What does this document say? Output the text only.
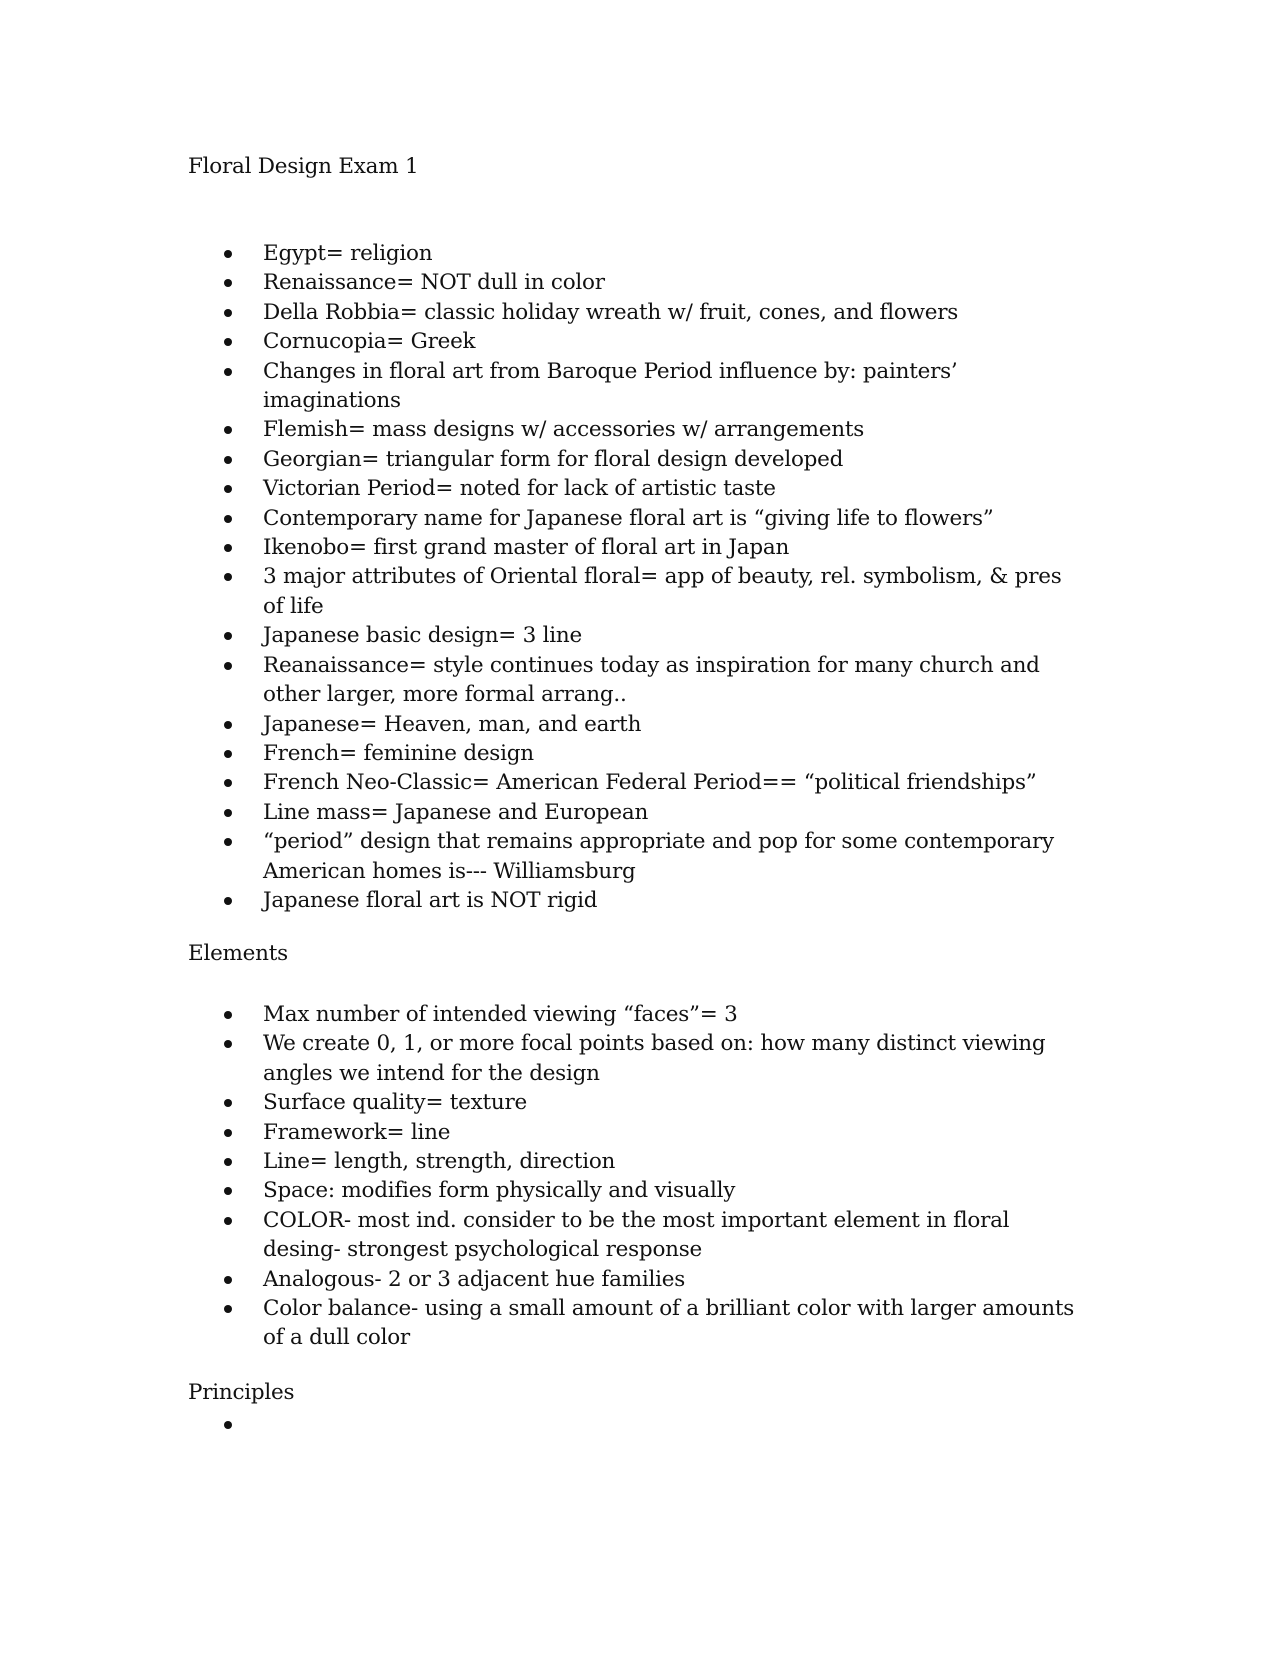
Floral Design Exam 1
Egypt= religion
Renaissance= NOT dull in color
Della Robbia= classic holiday wreath w/ fruit, cones, and flowers
Cornucopia= Greek
Changes in floral art from Baroque Period influence by: painters’ imaginations
Flemish= mass designs w/ accessories w/ arrangements
Georgian= triangular form for floral design developed
Victorian Period= noted for lack of artistic taste
Contemporary name for Japanese floral art is “giving life to flowers”
Ikenobo= first grand master of floral art in Japan
3 major attributes of Oriental floral= app of beauty, rel. symbolism, & pres of life
Japanese basic design= 3 line
Reanaissance= style continues today as inspiration for many church and other larger, more formal arrang..
Japanese= Heaven, man, and earth
French= feminine design
French Neo-Classic= American Federal Period== “political friendships”
Line mass= Japanese and European
“period” design that remains appropriate and pop for some contemporary American homes is--- Williamsburg
Japanese floral art is NOT rigid
Elements
Max number of intended viewing “faces”= 3
We create 0, 1, or more focal points based on: how many distinct viewing angles we intend for the design
Surface quality= texture
Framework= line
Line= length, strength, direction
Space: modifies form physically and visually
COLOR- most ind. consider to be the most important element in floral desing- strongest psychological response
Analogous- 2 or 3 adjacent hue families
Color balance- using a small amount of a brilliant color with larger amounts of a dull color
Principles
